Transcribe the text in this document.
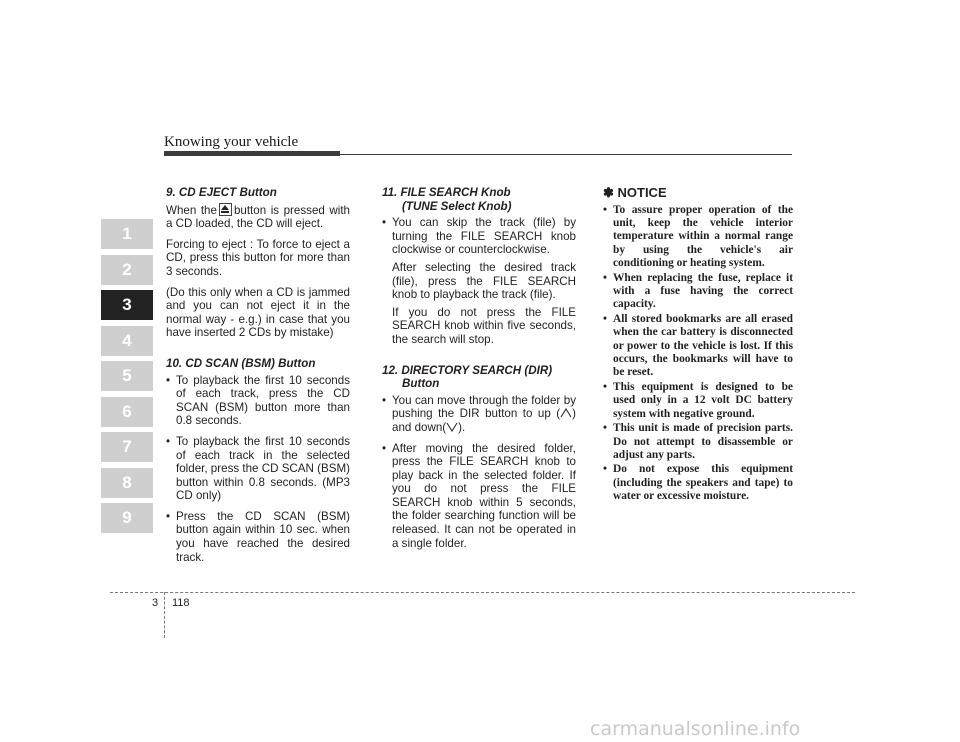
Knowing your vehicle
1
2
3
4
5
6
7
8
9
9. CD EJECT Button

When the button is pressed with a CD loaded, the CD will eject.

Forcing to eject : To force to eject a CD, press this button for more than 3 seconds.

(Do this only when a CD is jammed and you can not eject it in the normal way - e.g.) in case that you have inserted 2 CDs by mistake)

10. CD SCAN (BSM) Button
• To playback the first 10 seconds of each track, press the CD SCAN (BSM) button more than 0.8 seconds.
• To playback the first 10 seconds of each track in the selected folder, press the CD SCAN (BSM) button within 0.8 seconds. (MP3 CD only)
• Press the CD SCAN (BSM) button again within 10 sec. when you have reached the desired track.
11. FILE SEARCH Knob
(TUNE Select Knob)
• You can skip the track (file) by turning the FILE SEARCH knob clockwise or counterclockwise.

After selecting the desired track (file), press the FILE SEARCH knob to playback the track (file).

If you do not press the FILE SEARCH knob within five seconds, the search will stop.

12. DIRECTORY SEARCH (DIR)
Button
• You can move through the folder by pushing the DIR button to up ( ) and down( ).
• After moving the desired folder, press the FILE SEARCH knob to play back in the selected folder. If you do not press the FILE SEARCH knob within 5 seconds, the folder searching function will be released. It can not be operated in a single folder.
✽ NOTICE
• To assure proper operation of the unit, keep the vehicle interior temperature within a normal range by using the vehicle's air conditioning or heating system.
• When replacing the fuse, replace it with a fuse having the correct capacity.
• All stored bookmarks are all erased when the car battery is disconnected or power to the vehicle is lost. If this occurs, the bookmarks will have to be reset.
• This equipment is designed to be used only in a 12 volt DC battery system with negative ground.
• This unit is made of precision parts. Do not attempt to disassemble or adjust any parts.
• Do not expose this equipment (including the speakers and tape) to water or excessive moisture.
3 118
carmanualsonline.info
